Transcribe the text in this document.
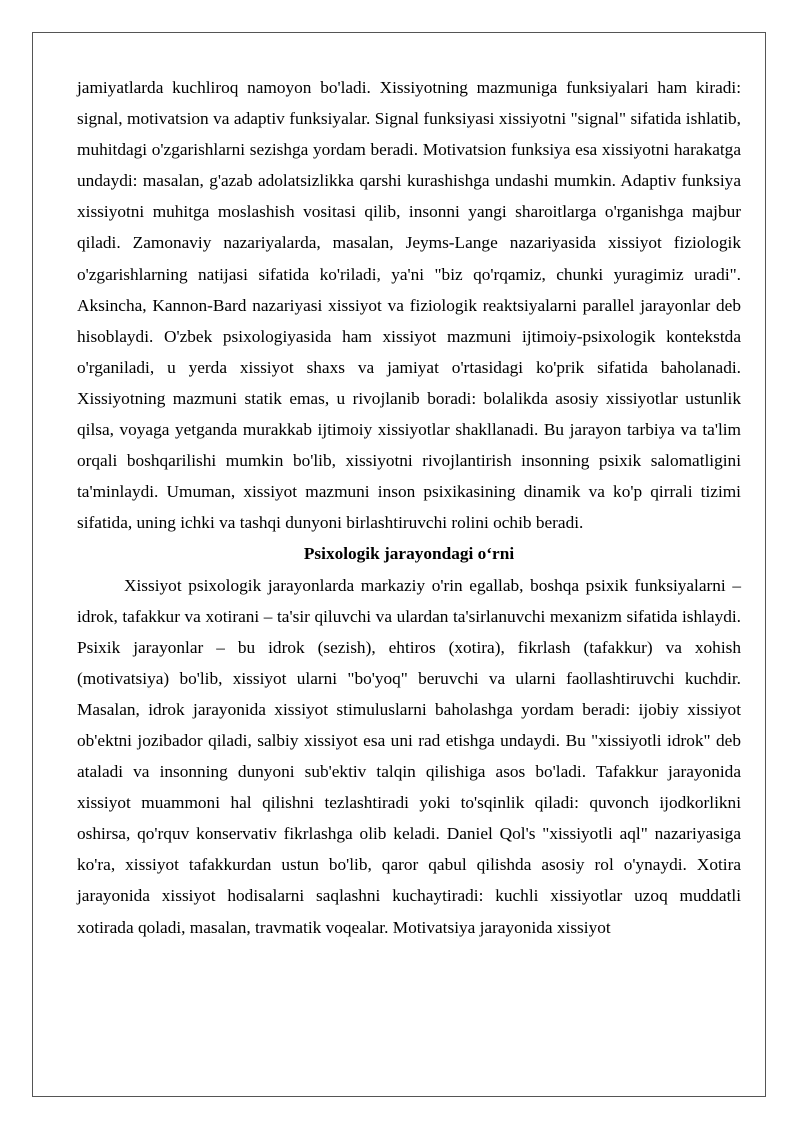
jamiyatlarda kuchliroq namoyon bo'ladi. Xissiyotning mazmuniga funksiyalari ham kiradi: signal, motivatsion va adaptiv funksiyalar. Signal funksiyasi xissiyotni "signal" sifatida ishlatib, muhitdagi o'zgarishlarni sezishga yordam beradi. Motivatsion funksiya esa xissiyotni harakatga undaydi: masalan, g'azab adolatsizlikka qarshi kurashishga undashi mumkin. Adaptiv funksiya xissiyotni muhitga moslashish vositasi qilib, insonni yangi sharoitlarga o'rganishga majbur qiladi. Zamonaviy nazariyalarda, masalan, Jeyms-Lange nazariyasida xissiyot fiziologik o'zgarishlarning natijasi sifatida ko'riladi, ya'ni "biz qo'rqamiz, chunki yuragimiz uradi". Aksincha, Kannon-Bard nazariyasi xissiyot va fiziologik reaktsiyalarni parallel jarayonlar deb hisoblaydi. O'zbek psixologiyasida ham xissiyot mazmuni ijtimoiy-psixologik kontekstda o'rganiladi, u yerda xissiyot shaxs va jamiyat o'rtasidagi ko'prik sifatida baholanadi. Xissiyotning mazmuni statik emas, u rivojlanib boradi: bolalikda asosiy xissiyotlar ustunlik qilsa, voyaga yetganda murakkab ijtimoiy xissiyotlar shakllanadi. Bu jarayon tarbiya va ta'lim orqali boshqarilishi mumkin bo'lib, xissiyotni rivojlantirish insonning psixik salomatligini ta'minlaydi. Umuman, xissiyot mazmuni inson psixikasining dinamik va ko'p qirrali tizimi sifatida, uning ichki va tashqi dunyoni birlashtiruvchi rolini ochib beradi.

Psixologik jarayondagi o‘rni

Xissiyot psixologik jarayonlarda markaziy o'rin egallab, boshqa psixik funksiyalarni – idrok, tafakkur va xotirani – ta'sir qiluvchi va ulardan ta'sirlanuvchi mexanizm sifatida ishlaydi. Psixik jarayonlar – bu idrok (sezish), ehtiros (xotira), fikrlash (tafakkur) va xohish (motivatsiya) bo'lib, xissiyot ularni "bo'yoq" beruvchi va ularni faollashtiruvchi kuchdir. Masalan, idrok jarayonida xissiyot stimuluslarni baholashga yordam beradi: ijobiy xissiyot ob'ektni jozibador qiladi, salbiy xissiyot esa uni rad etishga undaydi. Bu "xissiyotli idrok" deb ataladi va insonning dunyoni sub'ektiv talqin qilishiga asos bo'ladi. Tafakkur jarayonida xissiyot muammoni hal qilishni tezlashtiradi yoki to'sqinlik qiladi: quvonch ijodkorlikni oshirsa, qo'rquv konservativ fikrlashga olib keladi. Daniel Qol's "xissiyotli aql" nazariyasiga ko'ra, xissiyot tafakkurdan ustun bo'lib, qaror qabul qilishda asosiy rol o'ynaydi. Xotira jarayonida xissiyot hodisalarni saqlashni kuchaytiradi: kuchli xissiyotlar uzoq muddatli xotirada qoladi, masalan, travmatik voqealar. Motivatsiya jarayonida xissiyot
